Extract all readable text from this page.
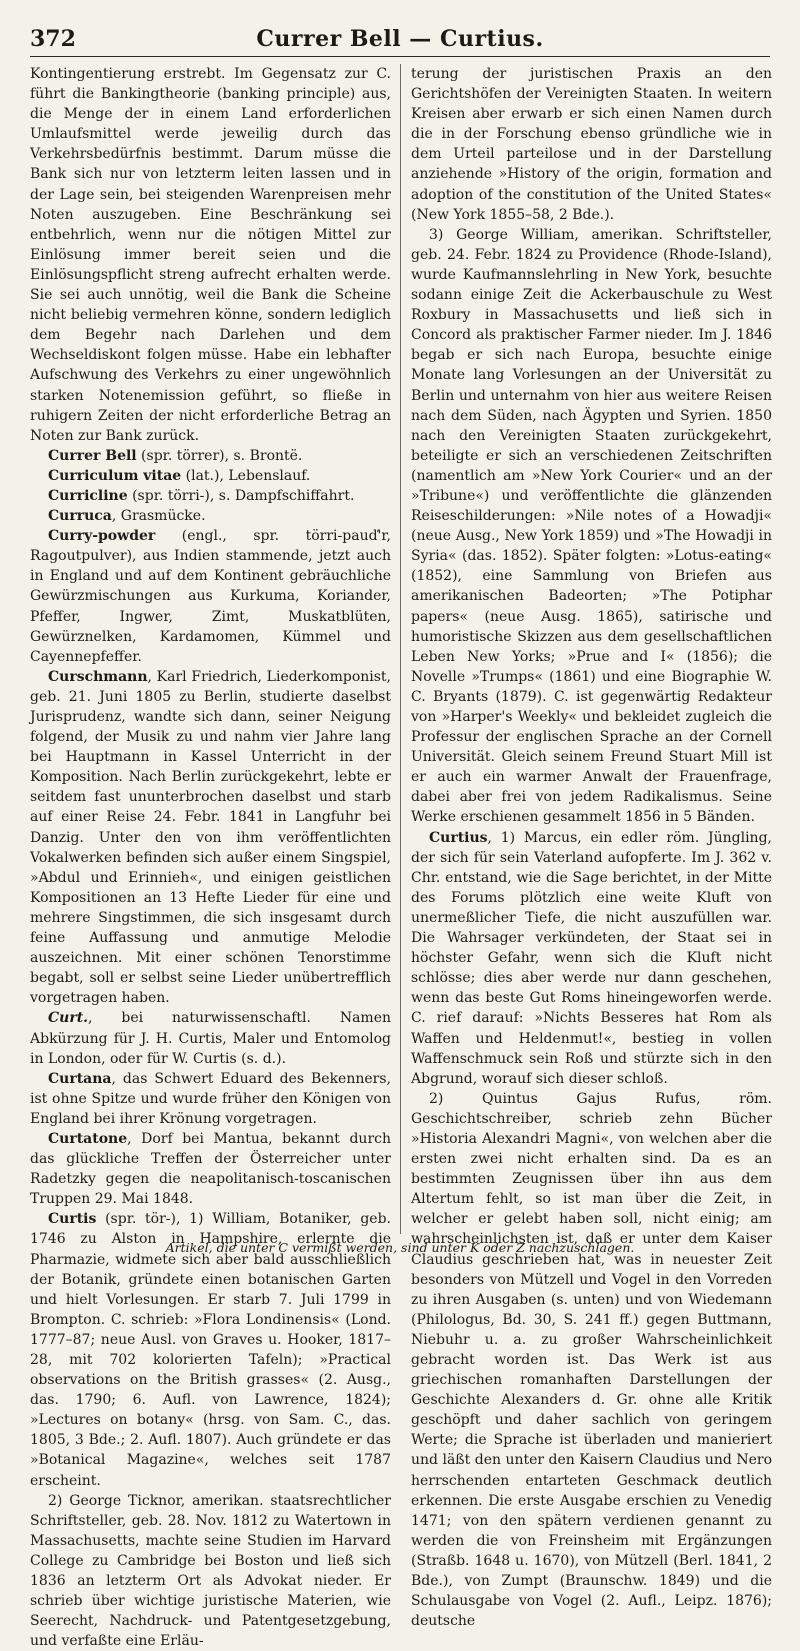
372	Currer Bell — Curtius.

Kontingentierung erstrebt. Im Gegensatz zur C. führt die Bankingtheorie (banking principle) aus, die Menge der in einem Land erforderlichen Umlaufsmittel werde jeweilig durch das Verkehrsbedürfnis bestimmt. Darum müsse die Bank sich nur von letzterm leiten lassen und in der Lage sein, bei steigenden Warenpreisen mehr Noten auszugeben. Eine Beschränkung sei entbehrlich, wenn nur die nötigen Mittel zur Einlösung immer bereit seien und die Einlösungspflicht streng aufrecht erhalten werde. Sie sei auch unnötig, weil die Bank die Scheine nicht beliebig vermehren könne, sondern lediglich dem Begehr nach Darlehen und dem Wechseldiskont folgen müsse. Habe ein lebhafter Aufschwung des Verkehrs zu einer ungewöhnlich starken Notenemission geführt, so fließe in ruhigern Zeiten der nicht erforderliche Betrag an Noten zur Bank zurück.

Currer Bell (spr. törrer), s. Brontë.

Curriculum vitae (lat.), Lebenslauf.

Curricline (spr. törri-), s. Dampfschiffahrt.

Curruca, Grasmücke.

Curry-powder (engl., spr. törri-pauď'r, Ragoutpulver), aus Indien stammende, jetzt auch in England und auf dem Kontinent gebräuchliche Gewürzmischungen aus Kurkuma, Koriander, Pfeffer, Ingwer, Zimt, Muskatblüten, Gewürznelken, Kardamomen, Kümmel und Cayennepfeffer.

Curschmann, Karl Friedrich, Liederkomponist, geb. 21. Juni 1805 zu Berlin, studierte daselbst Jurisprudenz, wandte sich dann, seiner Neigung folgend, der Musik zu und nahm vier Jahre lang bei Hauptmann in Kassel Unterricht in der Komposition. Nach Berlin zurückgekehrt, lebte er seitdem fast ununterbrochen daselbst und starb auf einer Reise 24. Febr. 1841 in Langfuhr bei Danzig. Unter den von ihm veröffentlichten Vokalwerken befinden sich außer einem Singspiel, »Abdul und Erinnieh«, und einigen geistlichen Kompositionen an 13 Hefte Lieder für eine und mehrere Singstimmen, die sich insgesamt durch feine Auffassung und anmutige Melodie auszeichnen. Mit einer schönen Tenorstimme begabt, soll er selbst seine Lieder unübertrefflich vorgetragen haben.

Curt., bei naturwissenschaftl. Namen Abkürzung für J. H. Curtis, Maler und Entomolog in London, oder für W. Curtis (s. d.).

Curtana, das Schwert Eduard des Bekenners, ist ohne Spitze und wurde früher den Königen von England bei ihrer Krönung vorgetragen.

Curtatone, Dorf bei Mantua, bekannt durch das glückliche Treffen der Österreicher unter Radetzky gegen die neapolitanisch-toscanischen Truppen 29. Mai 1848.

Curtis (spr. tör-), 1) William, Botaniker, geb. 1746 zu Alston in Hampshire, erlernte die Pharmazie, widmete sich aber bald ausschließlich der Botanik, gründete einen botanischen Garten und hielt Vorlesungen. Er starb 7. Juli 1799 in Brompton. C. schrieb: »Flora Londinensis« (Lond. 1777–87; neue Ausl. von Graves u. Hooker, 1817–28, mit 702 kolorierten Tafeln); »Practical observations on the British grasses« (2. Ausg., das. 1790; 6. Aufl. von Lawrence, 1824); »Lectures on botany« (hrsg. von Sam. C., das. 1805, 3 Bde.; 2. Aufl. 1807). Auch gründete er das »Botanical Magazine«, welches seit 1787 erscheint.

2) George Ticknor, amerikan. staatsrechtlicher Schriftsteller, geb. 28. Nov. 1812 zu Watertown in Massachusetts, machte seine Studien im Harvard College zu Cambridge bei Boston und ließ sich 1836 an letzterm Ort als Advokat nieder. Er schrieb über wichtige juristische Materien, wie Seerecht, Nachdruck- und Patentgesetzgebung, und verfaßte eine Erläu-

terung der juristischen Praxis an den Gerichtshöfen der Vereinigten Staaten. In weitern Kreisen aber erwarb er sich einen Namen durch die in der Forschung ebenso gründliche wie in dem Urteil parteilose und in der Darstellung anziehende »History of the origin, formation and adoption of the constitution of the United States« (New York 1855–58, 2 Bde.).

3) George William, amerikan. Schriftsteller, geb. 24. Febr. 1824 zu Providence (Rhode-Island), wurde Kaufmannslehrling in New York, besuchte sodann einige Zeit die Ackerbauschule zu West Roxbury in Massachusetts und ließ sich in Concord als praktischer Farmer nieder. Im J. 1846 begab er sich nach Europa, besuchte einige Monate lang Vorlesungen an der Universität zu Berlin und unternahm von hier aus weitere Reisen nach dem Süden, nach Ägypten und Syrien. 1850 nach den Vereinigten Staaten zurückgekehrt, beteiligte er sich an verschiedenen Zeitschriften (namentlich am »New York Courier« und an der »Tribune«) und veröffentlichte die glänzenden Reiseschilderungen: »Nile notes of a Howadji« (neue Ausg., New York 1859) und »The Howadji in Syria« (das. 1852). Später folgten: »Lotus-eating« (1852), eine Sammlung von Briefen aus amerikanischen Badeorten; »The Potiphar papers« (neue Ausg. 1865), satirische und humoristische Skizzen aus dem gesellschaftlichen Leben New Yorks; »Prue and I« (1856); die Novelle »Trumps« (1861) und eine Biographie W. C. Bryants (1879). C. ist gegenwärtig Redakteur von »Harper's Weekly« und bekleidet zugleich die Professur der englischen Sprache an der Cornell Universität. Gleich seinem Freund Stuart Mill ist er auch ein warmer Anwalt der Frauenfrage, dabei aber frei von jedem Radikalismus. Seine Werke erschienen gesammelt 1856 in 5 Bänden.

Curtius, 1) Marcus, ein edler röm. Jüngling, der sich für sein Vaterland aufopferte. Im J. 362 v. Chr. entstand, wie die Sage berichtet, in der Mitte des Forums plötzlich eine weite Kluft von unermeßlicher Tiefe, die nicht auszufüllen war. Die Wahrsager verkündeten, der Staat sei in höchster Gefahr, wenn sich die Kluft nicht schlösse; dies aber werde nur dann geschehen, wenn das beste Gut Roms hineingeworfen werde. C. rief darauf: »Nichts Besseres hat Rom als Waffen und Heldenmut!«, bestieg in vollen Waffenschmuck sein Roß und stürzte sich in den Abgrund, worauf sich dieser schloß.

2) Quintus Gajus Rufus, röm. Geschichtschreiber, schrieb zehn Bücher »Historia Alexandri Magni«, von welchen aber die ersten zwei nicht erhalten sind. Da es an bestimmten Zeugnissen über ihn aus dem Altertum fehlt, so ist man über die Zeit, in welcher er gelebt haben soll, nicht einig; am wahrscheinlichsten ist, daß er unter dem Kaiser Claudius geschrieben hat, was in neuester Zeit besonders von Mützell und Vogel in den Vorreden zu ihren Ausgaben (s. unten) und von Wiedemann (Philologus, Bd. 30, S. 241 ff.) gegen Buttmann, Niebuhr u. a. zu großer Wahrscheinlichkeit gebracht worden ist. Das Werk ist aus griechischen romanhaften Darstellungen der Geschichte Alexanders d. Gr. ohne alle Kritik geschöpft und daher sachlich von geringem Werte; die Sprache ist überladen und manieriert und läßt den unter den Kaisern Claudius und Nero herrschenden entarteten Geschmack deutlich erkennen. Die erste Ausgabe erschien zu Venedig 1471; von den spätern verdienen genannt zu werden die von Freinsheim mit Ergänzungen (Straßb. 1648 u. 1670), von Mützell (Berl. 1841, 2 Bde.), von Zumpt (Braunschw. 1849) und die Schulausgabe von Vogel (2. Aufl., Leipz. 1876); deutsche

Artikel, die unter C vermißt werden, sind unter K oder Z nachzuschlagen.
